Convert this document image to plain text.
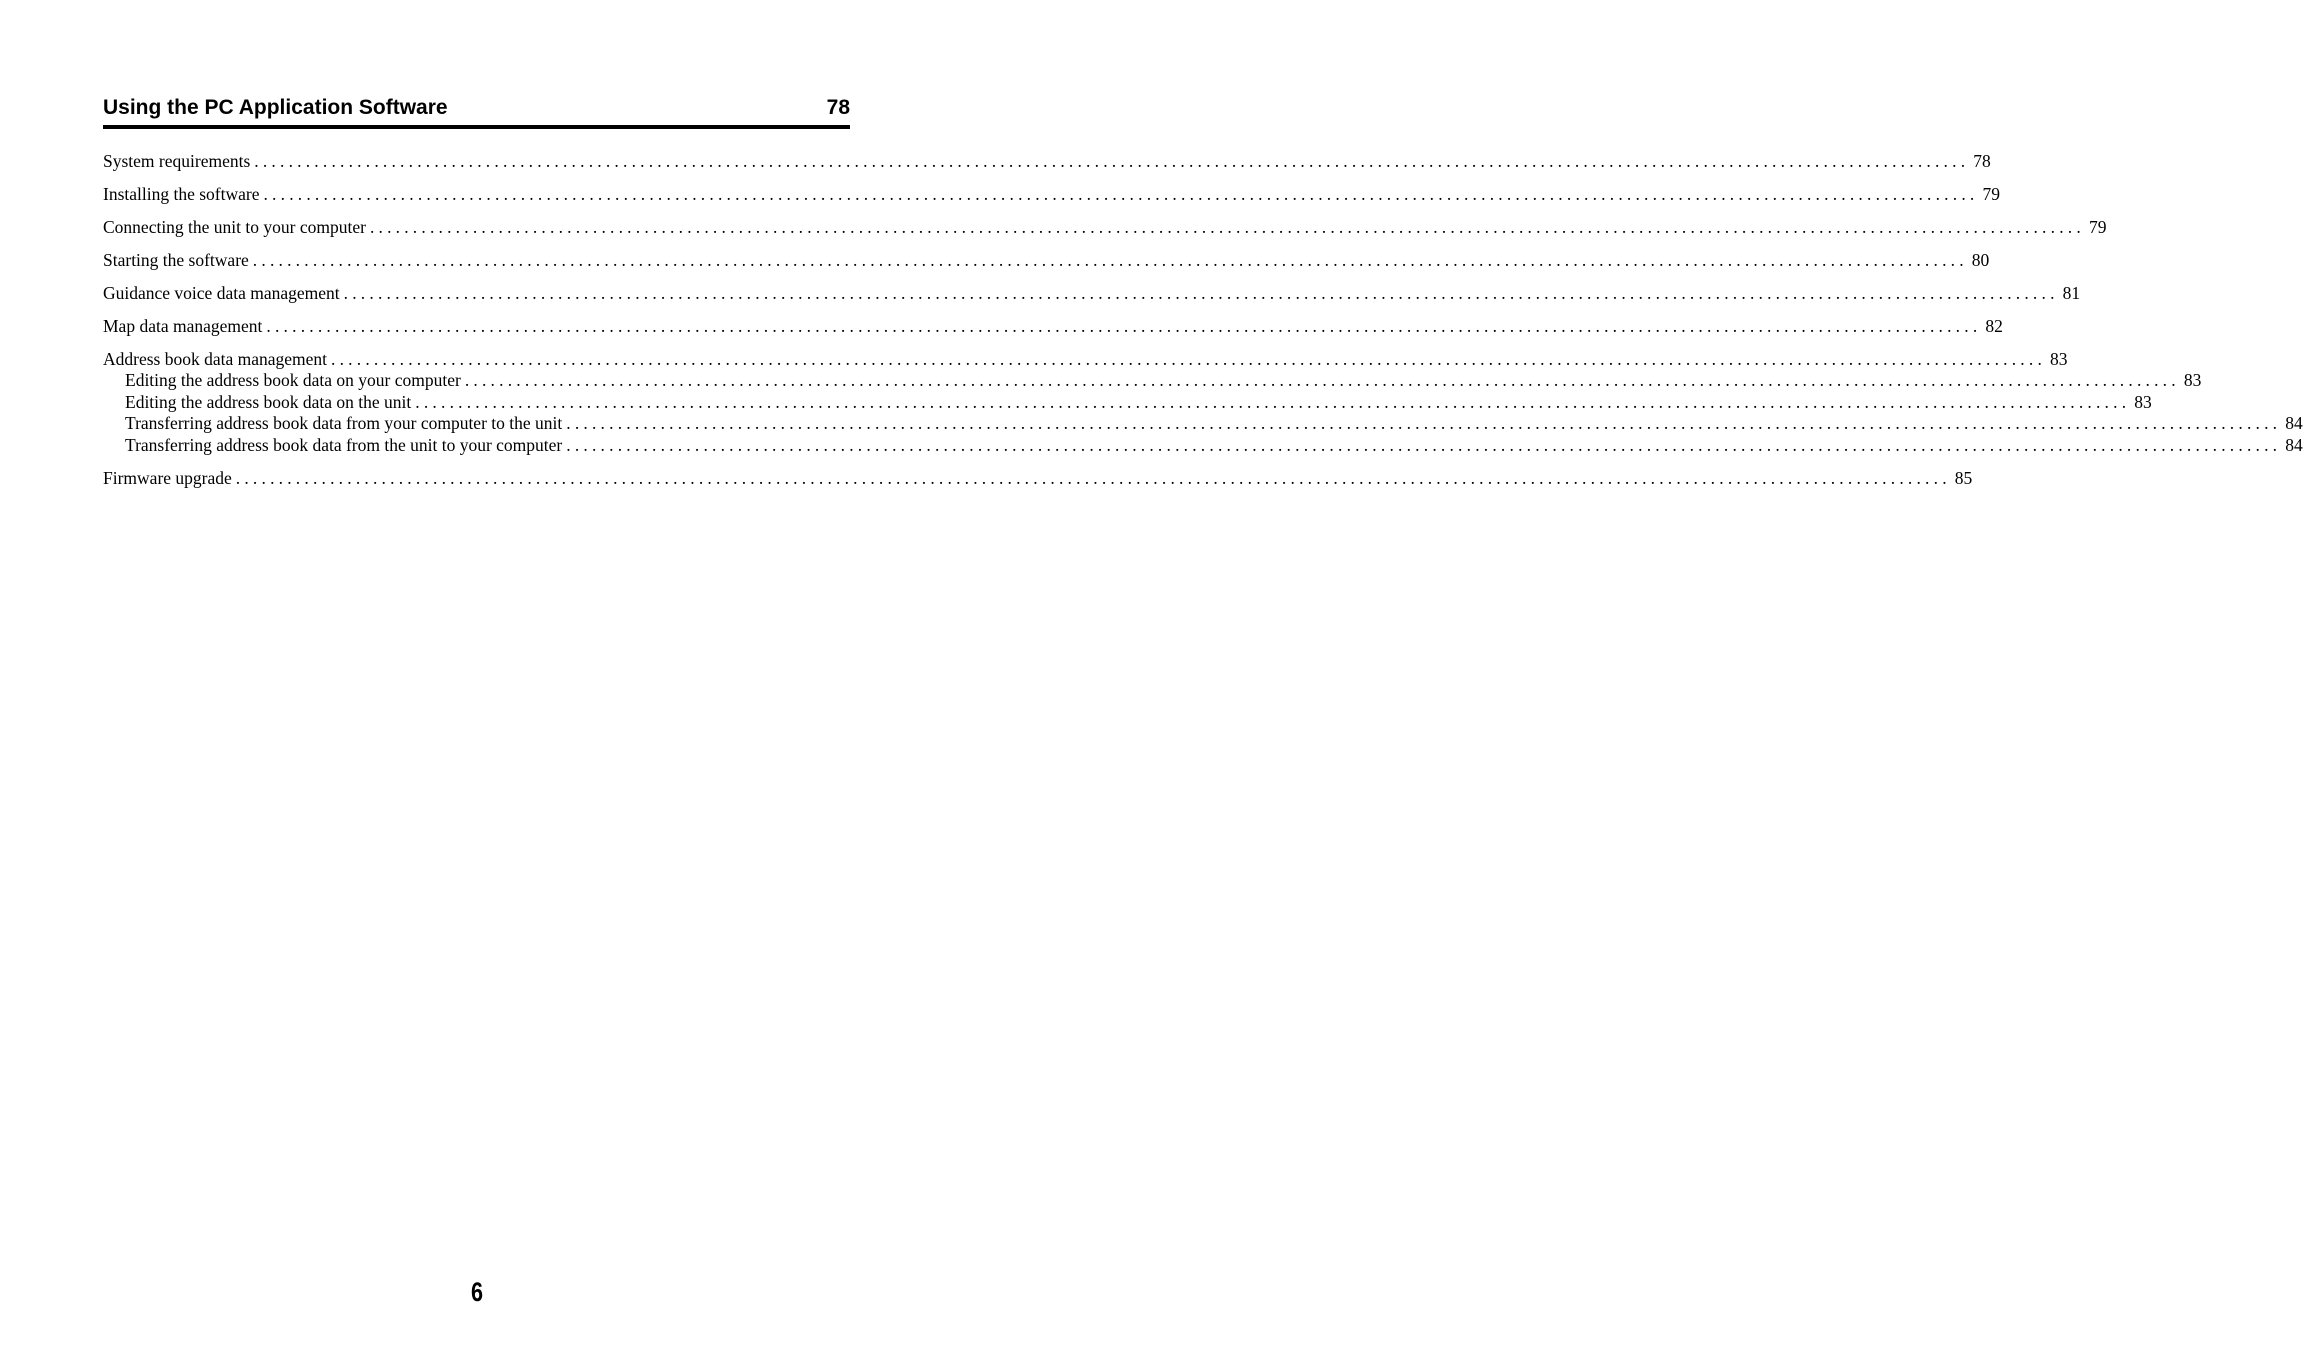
Using the PC Application Software	78
System requirements ........................................................................................................................................................................................................ 78
Installing the software ........................................................................................................................................................................................................ 79
Connecting the unit to your computer ........................................................................................................................................................................................................ 79
Starting the software ........................................................................................................................................................................................................ 80
Guidance voice data management ........................................................................................................................................................................................................ 81
Map data management ........................................................................................................................................................................................................ 82
Address book data management ........................................................................................................................................................................................................ 83
Editing the address book data on your computer ........................................................................................................................................................................................................ 83
Editing the address book data on the unit ........................................................................................................................................................................................................ 83
Transferring address book data from your computer to the unit ........................................................................................................................................................................................................ 84
Transferring address book data from the unit to your computer ........................................................................................................................................................................................................ 84
Firmware upgrade ........................................................................................................................................................................................................ 85
6
